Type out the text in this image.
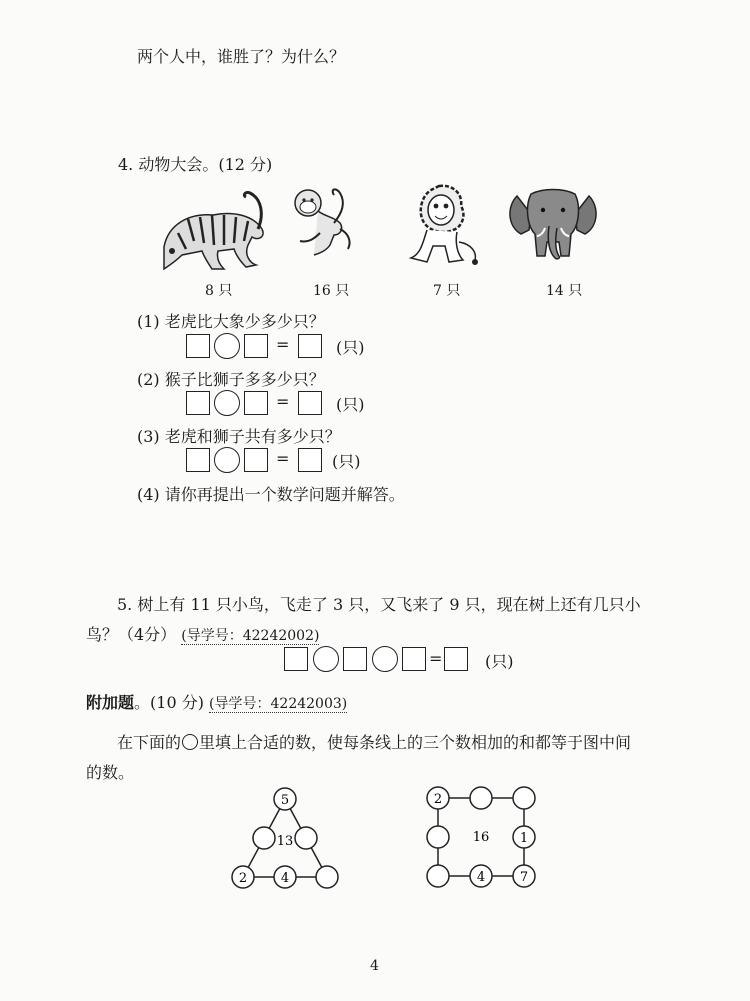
两个人中，谁胜了？为什么？
4. 动物大会。(12 分)
8 只	16 只	7 只	14 只
(1) 老虎比大象少多少只？
=	(只)
(2) 猴子比狮子多多少只？
=	(只)
(3) 老虎和狮子共有多少只？
=	(只)
(4) 请你再提出一个数学问题并解答。
5. 树上有 11 只小鸟，飞走了 3 只，又飞来了 9 只，现在树上还有几只小
鸟？（4分） (导学号：42242002)
=	(只)
附加题。(10 分) (导学号：42242003)
在下面的 里填上合适的数，使每条线上的三个数相加的和都等于图中间
的数。
5
13
2	4
2
16 1
4	7
4
